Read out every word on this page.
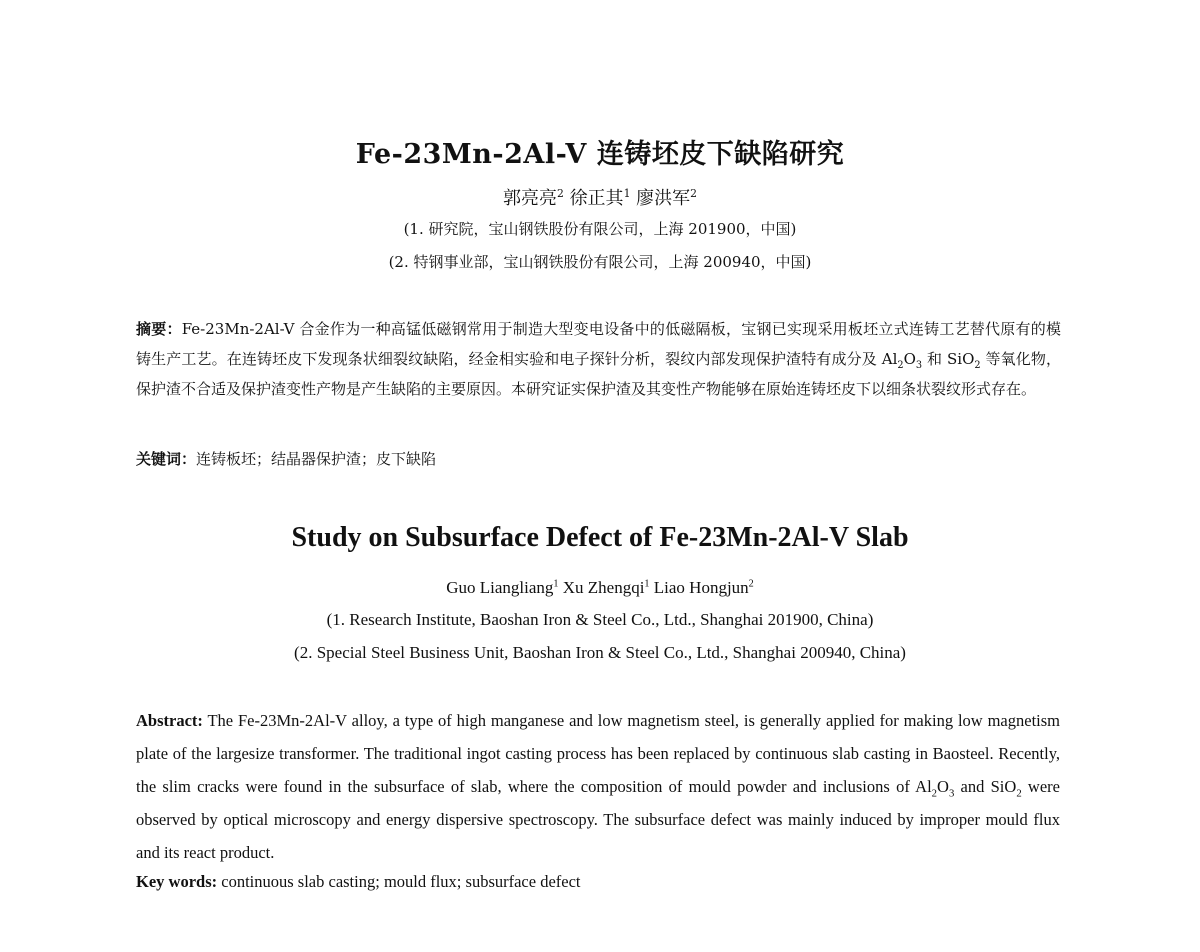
Fe-23Mn-2Al-V 连铸坯皮下缺陷研究
郭亮亮$^2$ 徐正其$^1$ 廖洪军$^2$
(1. 研究院，宝山钢铁股份有限公司，上海 201900，中国)
(2. 特钢事业部，宝山钢铁股份有限公司，上海 200940，中国)
摘要：Fe-23Mn-2Al-V 合金作为一种高锰低磁钢常用于制造大型变电设备中的低磁隔板，宝钢已实现采用板坯立式连铸工艺替代原有的模铸生产工艺。在连铸坯皮下发现条状细裂纹缺陷，经金相实验和电子探针分析，裂纹内部发现保护渣特有成分及 $Al_2O_3$ 和 SiO$_2$ 等氧化物，保护渣不合适及保护渣变性产物是产生缺陷的主要原因。本研究证实保护渣及其变性产物能够在原始连铸坯皮下以细条状裂纹形式存在。
关键词：连铸板坯；结晶器保护渣；皮下缺陷
Study on Subsurface Defect of Fe-23Mn-2Al-V Slab
Guo Liangliang$^1$ Xu Zhengqi$^1$ Liao Hongjun$^2$
(1. Research Institute, Baoshan Iron & Steel Co., Ltd., Shanghai 201900, China)
(2. Special Steel Business Unit, Baoshan Iron & Steel Co., Ltd., Shanghai 200940, China)
Abstract: The Fe-23Mn-2Al-V alloy, a type of high manganese and low magnetism steel, is generally applied for making low magnetism plate of the largesize transformer. The traditional ingot casting process has been replaced by continuous slab casting in Baosteel. Recently, the slim cracks were found in the subsurface of slab, where the composition of mould powder and inclusions of $Al_2O_3$ and SiO$_2$ were observed by optical microscopy and energy dispersive spectroscopy. The subsurface defect was mainly induced by improper mould flux and its react product.
Key words: continuous slab casting; mould flux; subsurface defect
